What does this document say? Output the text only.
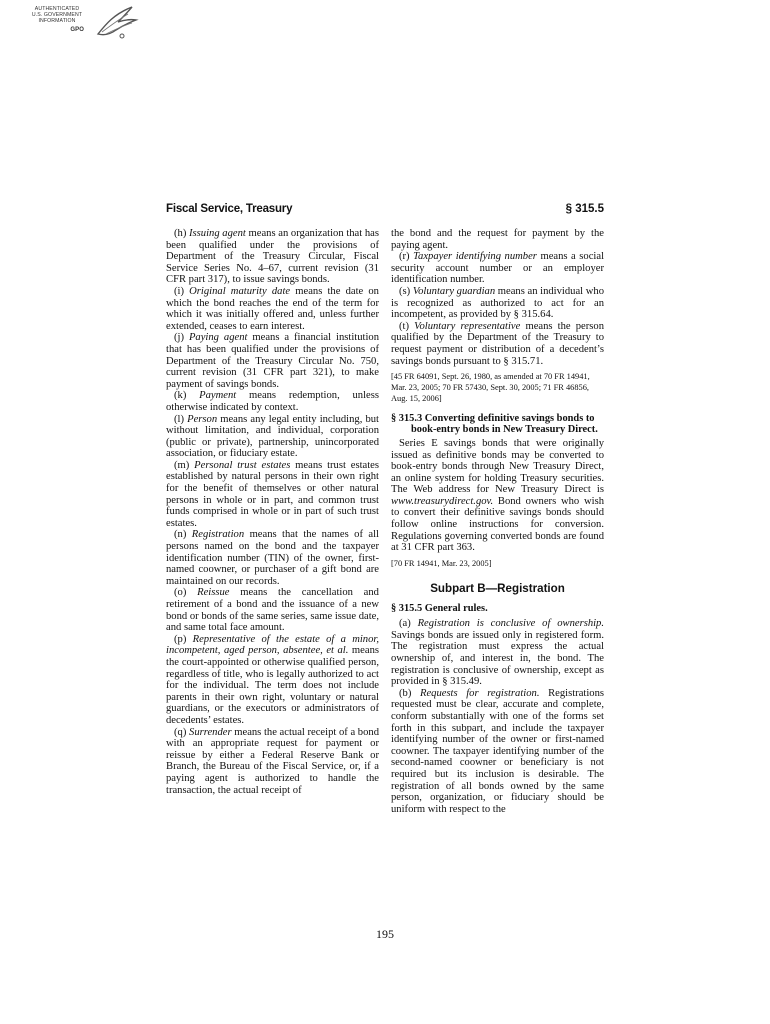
AUTHENTICATED
U.S. GOVERNMENT
INFORMATION
GPO
Fiscal Service, Treasury	§ 315.5

(h) Issuing agent means an organization that has been qualified under the provisions of Department of the Treasury Circular, Fiscal Service Series No. 4–67, current revision (31 CFR part 317), to issue savings bonds.

(i) Original maturity date means the date on which the bond reaches the end of the term for which it was initially offered and, unless further extended, ceases to earn interest.

(j) Paying agent means a financial institution that has been qualified under the provisions of Department of the Treasury Circular No. 750, current revision (31 CFR part 321), to make payment of savings bonds.

(k) Payment means redemption, unless otherwise indicated by context.

(l) Person means any legal entity including, but without limitation, and individual, corporation (public or private), partnership, unincorporated association, or fiduciary estate.

(m) Personal trust estates means trust estates established by natural persons in their own right for the benefit of themselves or other natural persons in whole or in part, and common trust funds comprised in whole or in part of such trust estates.

(n) Registration means that the names of all persons named on the bond and the taxpayer identification number (TIN) of the owner, first-named coowner, or purchaser of a gift bond are maintained on our records.

(o) Reissue means the cancellation and retirement of a bond and the issuance of a new bond or bonds of the same series, same issue date, and same total face amount.

(p) Representative of the estate of a minor, incompetent, aged person, absentee, et al. means the court-appointed or otherwise qualified person, regardless of title, who is legally authorized to act for the individual. The term does not include parents in their own right, voluntary or natural guardians, or the executors or administrators of decedents’ estates.

(q) Surrender means the actual receipt of a bond with an appropriate request for payment or reissue by either a Federal Reserve Bank or Branch, the Bureau of the Fiscal Service, or, if a paying agent is authorized to handle the transaction, the actual receipt of

the bond and the request for payment by the paying agent.

(r) Taxpayer identifying number means a social security account number or an employer identification number.

(s) Voluntary guardian means an individual who is recognized as authorized to act for an incompetent, as provided by § 315.64.

(t) Voluntary representative means the person qualified by the Department of the Treasury to request payment or distribution of a decedent’s savings bonds pursuant to § 315.71.

[45 FR 64091, Sept. 26, 1980, as amended at 70 FR 14941, Mar. 23, 2005; 70 FR 57430, Sept. 30, 2005; 71 FR 46856, Aug. 15, 2006]

§ 315.3 Converting definitive savings bonds to book-entry bonds in New Treasury Direct.

Series E savings bonds that were originally issued as definitive bonds may be converted to book-entry bonds through New Treasury Direct, an online system for holding Treasury securities. The Web address for New Treasury Direct is www.treasurydirect.gov. Bond owners who wish to convert their definitive savings bonds should follow online instructions for conversion. Regulations governing converted bonds are found at 31 CFR part 363.

[70 FR 14941, Mar. 23, 2005]

Subpart B—Registration
§ 315.5 General rules.

(a) Registration is conclusive of ownership. Savings bonds are issued only in registered form. The registration must express the actual ownership of, and interest in, the bond. The registration is conclusive of ownership, except as provided in § 315.49.

(b) Requests for registration. Registrations requested must be clear, accurate and complete, conform substantially with one of the forms set forth in this subpart, and include the taxpayer identifying number of the owner or first-named coowner. The taxpayer identifying number of the second-named coowner or beneficiary is not required but its inclusion is desirable. The registration of all bonds owned by the same person, organization, or fiduciary should be uniform with respect to the

195
